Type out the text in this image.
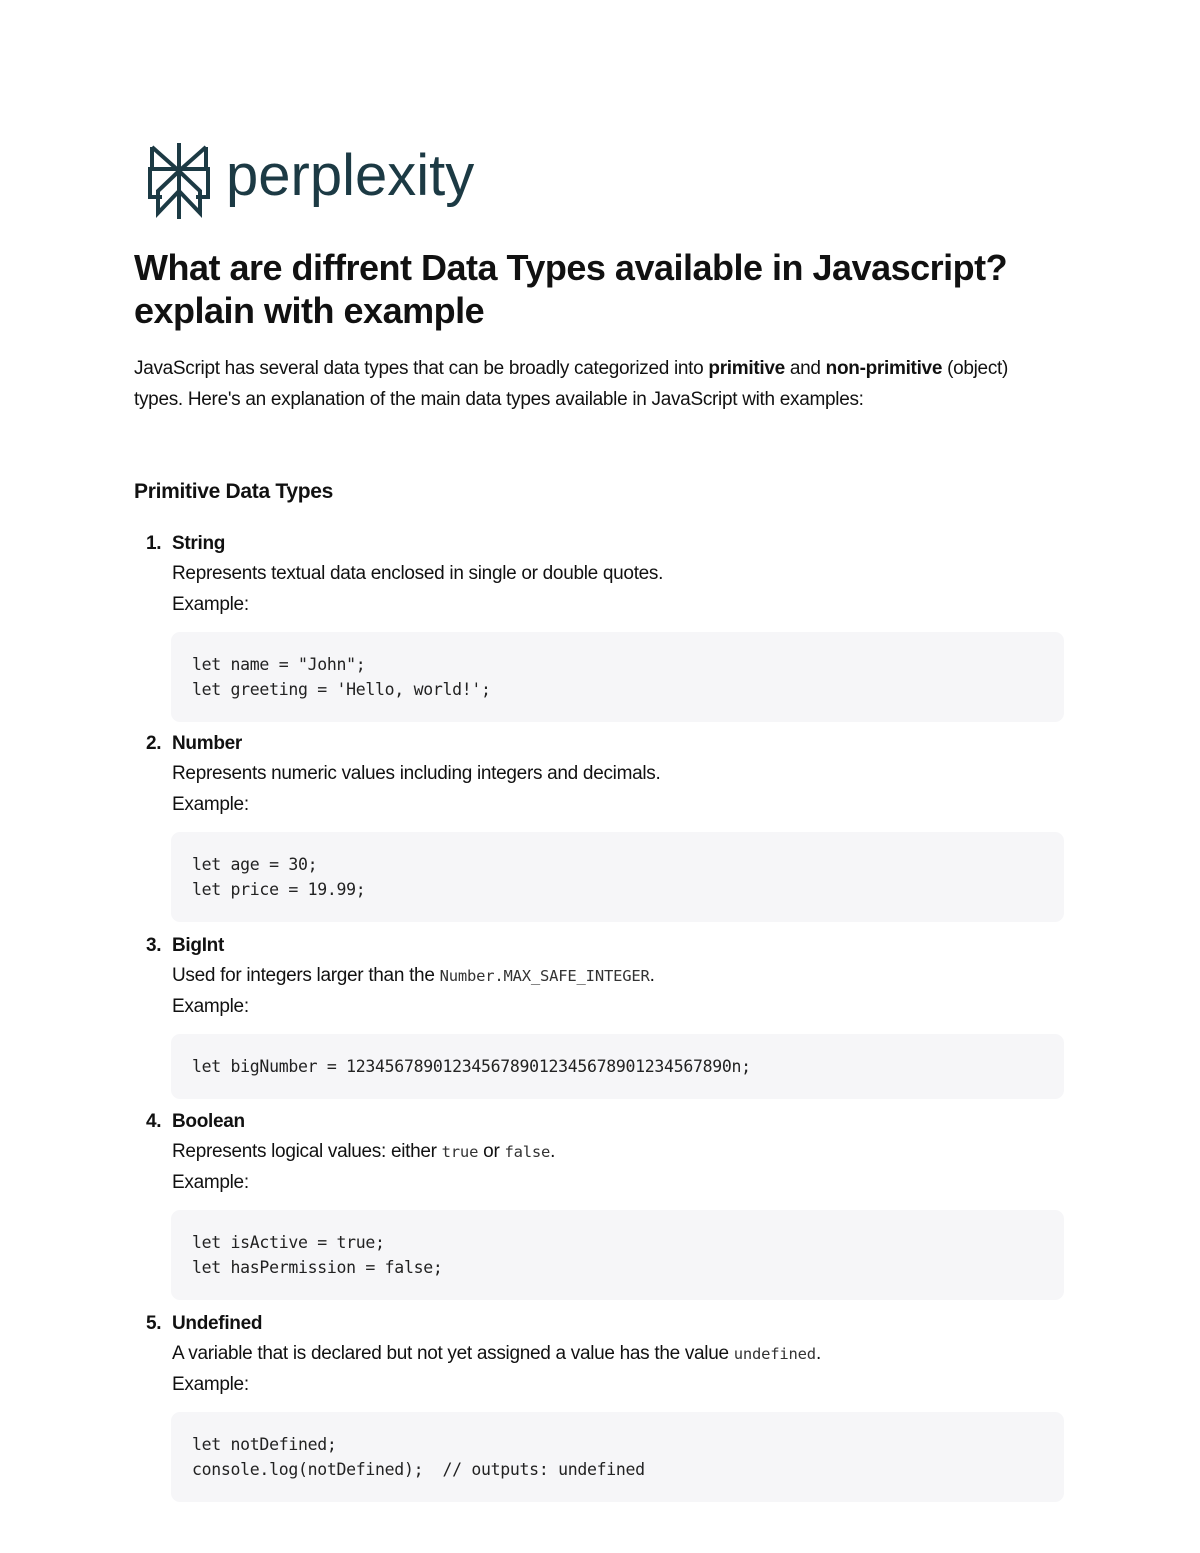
perplexity
What are diffrent Data Types available in Javascript? explain with example

JavaScript has several data types that can be broadly categorized into primitive and non-primitive (object) types. Here's an explanation of the main data types available in JavaScript with examples:

Primitive Data Types
1. String
Represents textual data enclosed in single or double quotes.
Example:
let name = "John";
let greeting = 'Hello, world!';
2. Number
Represents numeric values including integers and decimals.
Example:
let age = 30;
let price = 19.99;
3. BigInt
Used for integers larger than the Number.MAX_SAFE_INTEGER.
Example:
let bigNumber = 1234567890123456789012345678901234567890n;
4. Boolean
Represents logical values: either true or false.
Example:
let isActive = true;
let hasPermission = false;
5. Undefined
A variable that is declared but not yet assigned a value has the value undefined.
Example:
let notDefined;
console.log(notDefined);  // outputs: undefined
